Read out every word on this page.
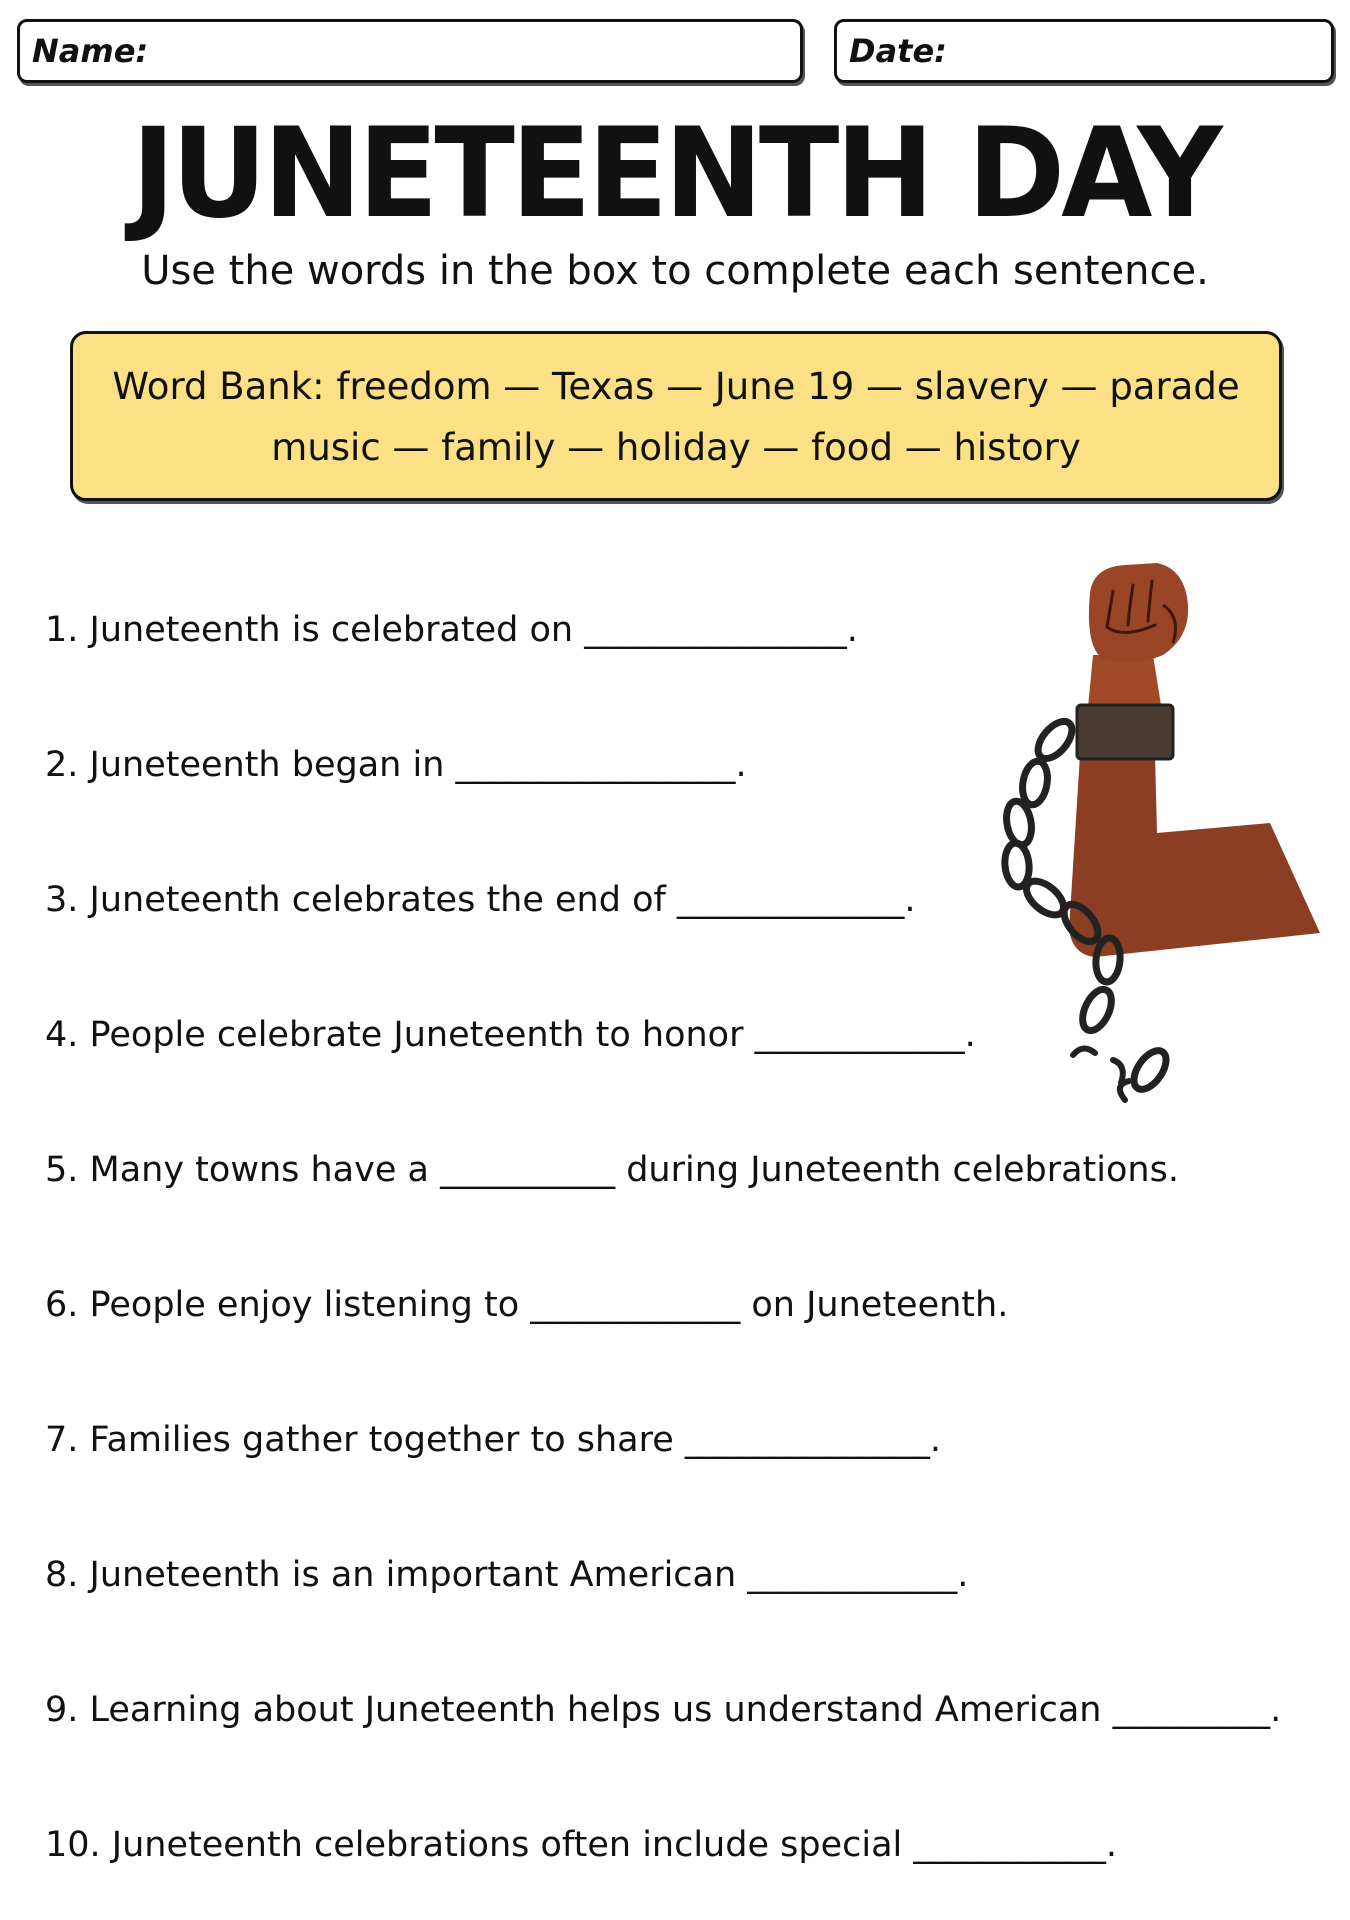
Name:	Date:
JUNETEENTH DAY
Use the words in the box to complete each sentence.
Word Bank: freedom — Texas — June 19 — slavery — parade
music — family — holiday — food — history

1. Juneteenth is celebrated on _______________.

2. Juneteenth began in ________________.

3. Juneteenth celebrates the end of _____________.

4. People celebrate Juneteenth to honor ____________.

5. Many towns have a __________ during Juneteenth celebrations.

6. People enjoy listening to ____________ on Juneteenth.

7. Families gather together to share ______________.

8. Juneteenth is an important American ____________.

9. Learning about Juneteenth helps us understand American _________.

10. Juneteenth celebrations often include special ___________.
